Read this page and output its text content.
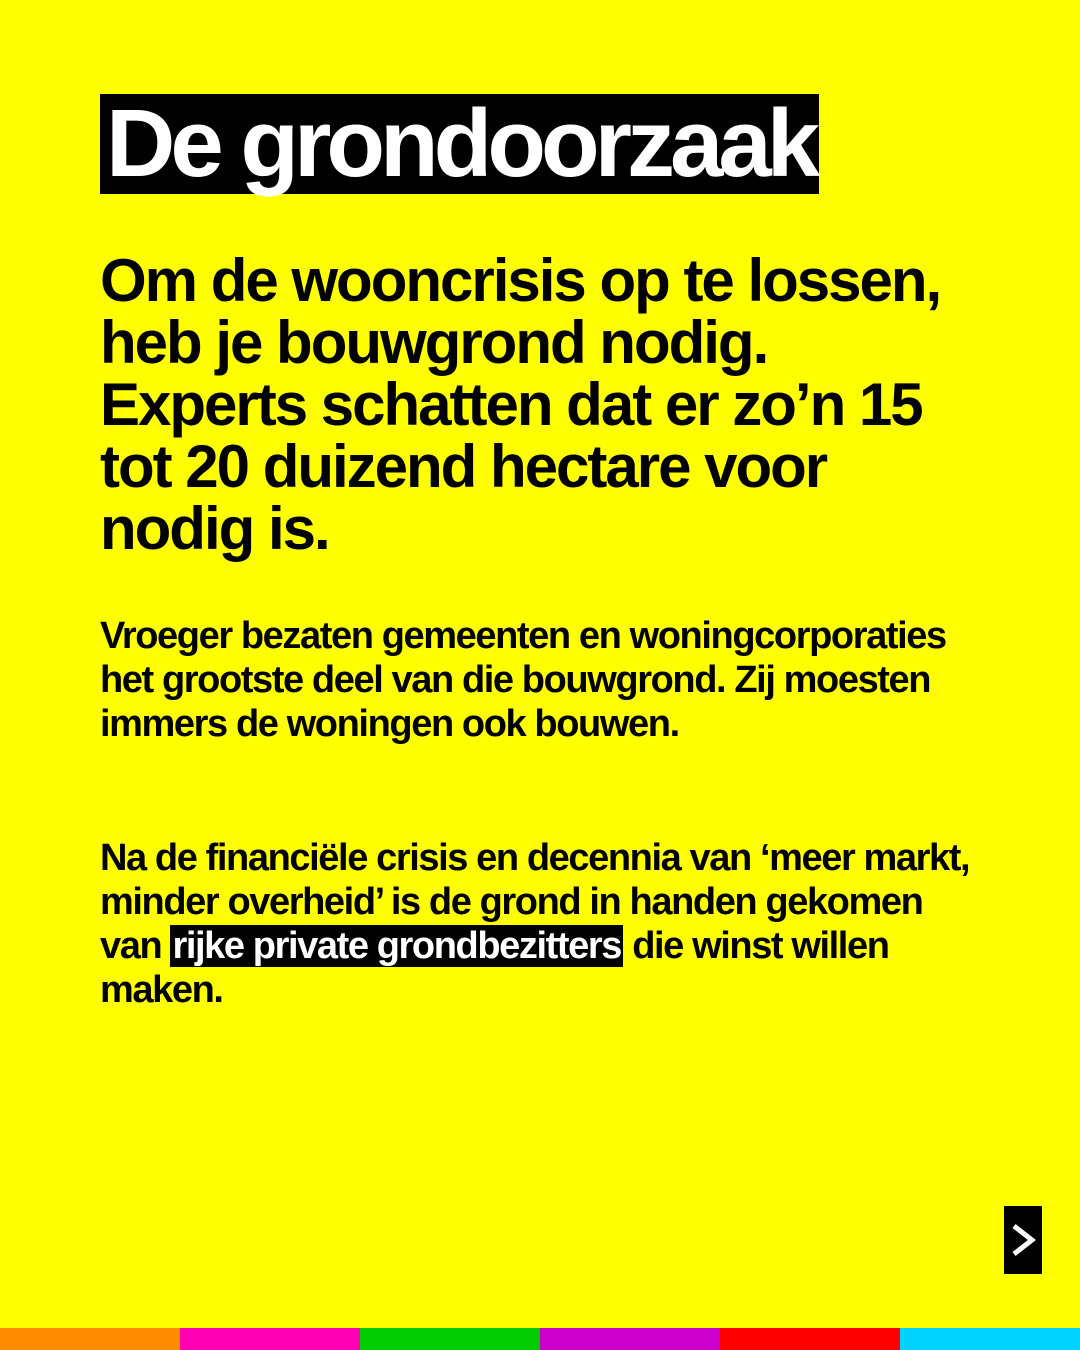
De grondoorzaak

Om de wooncrisis op te lossen, heb je bouwgrond nodig. Experts schatten dat er zo’n 15 tot 20 duizend hectare voor nodig is.

Vroeger bezaten gemeenten en woningcorporaties het grootste deel van die bouwgrond. Zij moesten immers de woningen ook bouwen.

Na de financiële crisis en decennia van ‘meer markt, minder overheid’ is de grond in handen gekomen van rijke private grondbezitters die winst willen maken.
